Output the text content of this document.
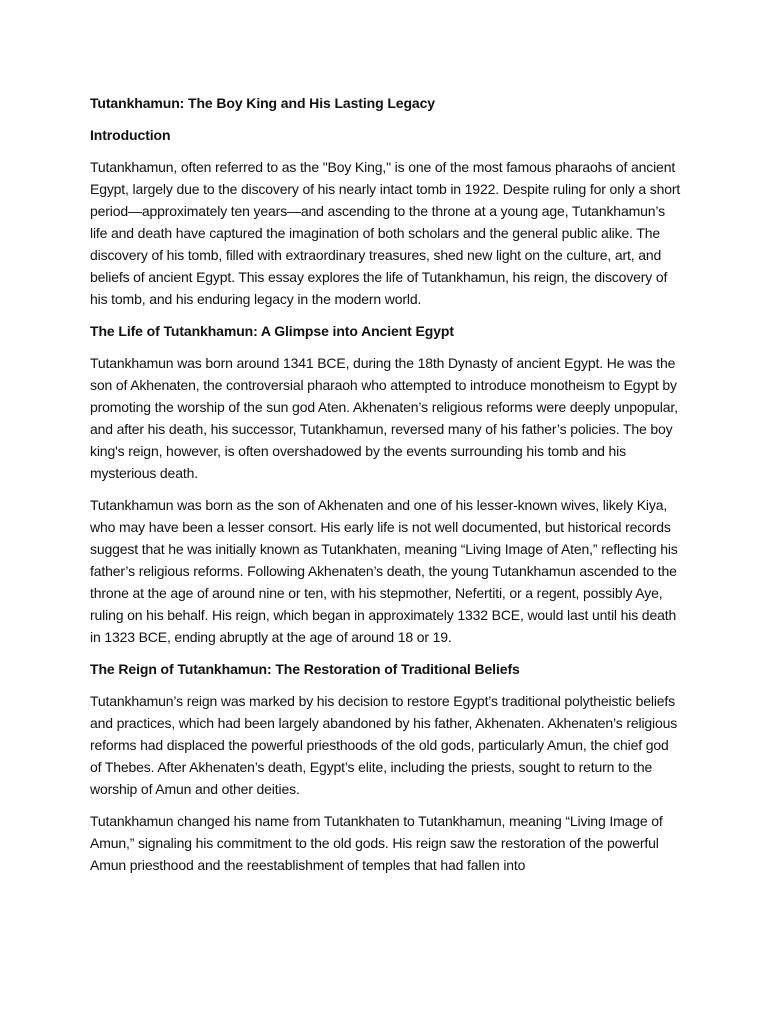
Tutankhamun: The Boy King and His Lasting Legacy
Introduction

Tutankhamun, often referred to as the "Boy King," is one of the most famous pharaohs of ancient Egypt, largely due to the discovery of his nearly intact tomb in 1922. Despite ruling for only a short period—approximately ten years—and ascending to the throne at a young age, Tutankhamun’s life and death have captured the imagination of both scholars and the general public alike. The discovery of his tomb, filled with extraordinary treasures, shed new light on the culture, art, and beliefs of ancient Egypt. This essay explores the life of Tutankhamun, his reign, the discovery of his tomb, and his enduring legacy in the modern world.

The Life of Tutankhamun: A Glimpse into Ancient Egypt

Tutankhamun was born around 1341 BCE, during the 18th Dynasty of ancient Egypt. He was the son of Akhenaten, the controversial pharaoh who attempted to introduce monotheism to Egypt by promoting the worship of the sun god Aten. Akhenaten’s religious reforms were deeply unpopular, and after his death, his successor, Tutankhamun, reversed many of his father’s policies. The boy king's reign, however, is often overshadowed by the events surrounding his tomb and his mysterious death.

Tutankhamun was born as the son of Akhenaten and one of his lesser-known wives, likely Kiya, who may have been a lesser consort. His early life is not well documented, but historical records suggest that he was initially known as Tutankhaten, meaning “Living Image of Aten,” reflecting his father’s religious reforms. Following Akhenaten’s death, the young Tutankhamun ascended to the throne at the age of around nine or ten, with his stepmother, Nefertiti, or a regent, possibly Aye, ruling on his behalf. His reign, which began in approximately 1332 BCE, would last until his death in 1323 BCE, ending abruptly at the age of around 18 or 19.

The Reign of Tutankhamun: The Restoration of Traditional Beliefs

Tutankhamun’s reign was marked by his decision to restore Egypt’s traditional polytheistic beliefs and practices, which had been largely abandoned by his father, Akhenaten. Akhenaten’s religious reforms had displaced the powerful priesthoods of the old gods, particularly Amun, the chief god of Thebes. After Akhenaten’s death, Egypt’s elite, including the priests, sought to return to the worship of Amun and other deities.

Tutankhamun changed his name from Tutankhaten to Tutankhamun, meaning “Living Image of Amun,” signaling his commitment to the old gods. His reign saw the restoration of the powerful Amun priesthood and the reestablishment of temples that had fallen into
